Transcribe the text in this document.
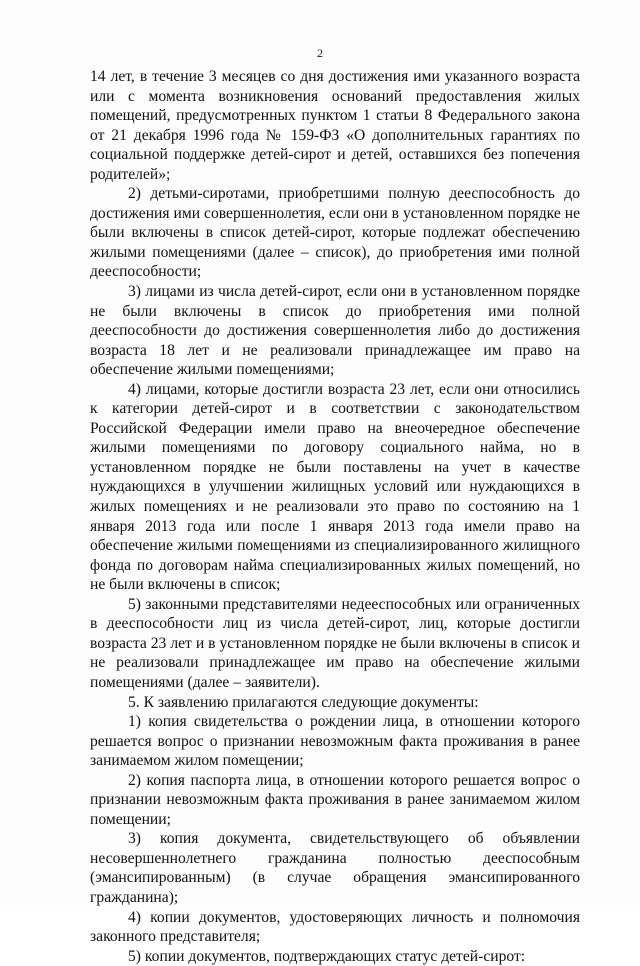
2

14 лет, в течение 3 месяцев со дня достижения ими указанного возраста или с момента возникновения оснований предоставления жилых помещений, предусмотренных пунктом 1 статьи 8 Федерального закона от 21 декабря 1996 года № 159-ФЗ «О дополнительных гарантиях по социальной поддержке детей-сирот и детей, оставшихся без попечения родителей»;

2) детьми-сиротами, приобретшими полную дееспособность до достижения ими совершеннолетия, если они в установленном порядке не были включены в список детей-сирот, которые подлежат обеспечению жилыми помещениями (далее – список), до приобретения ими полной дееспособности;

3) лицами из числа детей-сирот, если они в установленном порядке не были включены в список до приобретения ими полной дееспособности до достижения совершеннолетия либо до достижения возраста 18 лет и не реализовали принадлежащее им право на обеспечение жилыми помещениями;

4) лицами, которые достигли возраста 23 лет, если они относились к категории детей-сирот и в соответствии с законодательством Российской Федерации имели право на внеочередное обеспечение жилыми помещениями по договору социального найма, но в установленном порядке не были поставлены на учет в качестве нуждающихся в улучшении жилищных условий или нуждающихся в жилых помещениях и не реализовали это право по состоянию на 1 января 2013 года или после 1 января 2013 года имели право на обеспечение жилыми помещениями из специализированного жилищного фонда по договорам найма специализированных жилых помещений, но не были включены в список;

5) законными представителями недееспособных или ограниченных в дееспособности лиц из числа детей-сирот, лиц, которые достигли возраста 23 лет и в установленном порядке не были включены в список и не реализовали принадлежащее им право на обеспечение жилыми помещениями (далее – заявители).

5. К заявлению прилагаются следующие документы:

1) копия свидетельства о рождении лица, в отношении которого решается вопрос о признании невозможным факта проживания в ранее занимаемом жилом помещении;

2) копия паспорта лица, в отношении которого решается вопрос о признании невозможным факта проживания в ранее занимаемом жилом помещении;

3) копия документа, свидетельствующего об объявлении несовершеннолетнего гражданина полностью дееспособным (эмансипированным) (в случае обращения эмансипированного гражданина);

4) копии документов, удостоверяющих личность и полномочия законного представителя;

5) копии документов, подтверждающих статус детей-сирот:
